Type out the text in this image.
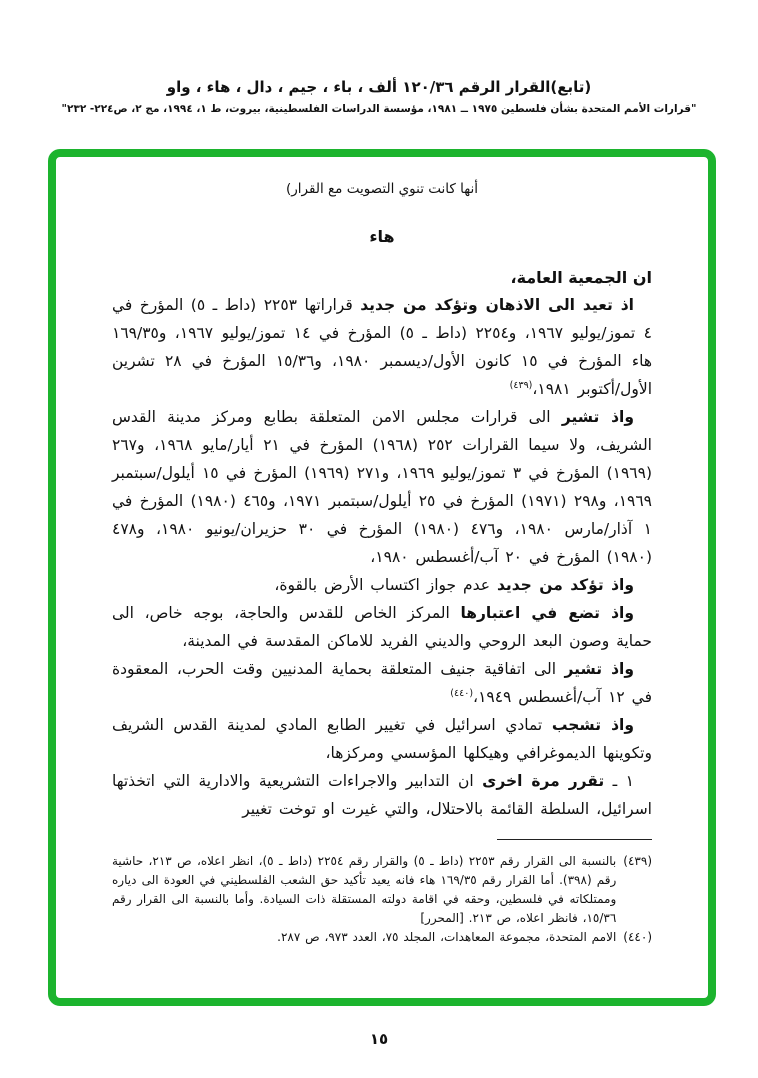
(تابع)القرار الرقم ١٢٠/٣٦ ألف ، باء ، جيم ، دال ، هاء ، واو
"قرارات الأمم المتحدة بشأن فلسطين ١٩٧٥ ــ ١٩٨١، مؤسسة الدراسات الفلسطينية، بيروت، ط ١، ١٩٩٤، مج ٢، ص٢٢٤- ٢٣٢"
أنها كانت تنوي التصويت مع القرار)
هاء
ان الجمعية العامة،

اذ تعيد الى الاذهان وتؤكد من جديد قراراتها ٢٢٥٣ (داط ـ ٥) المؤرخ في ٤ تموز/يوليو ١٩٦٧، و٢٢٥٤ (داط ـ ٥) المؤرخ في ١٤ تموز/يوليو ١٩٦٧، و١٦٩/٣٥ هاء المؤرخ في ١٥ كانون الأول/ديسمبر ١٩٨٠، و١٥/٣٦ المؤرخ في ٢٨ تشرين الأول/أكتوبر ١٩٨١،$^{(٤٣٩)}$

واذ تشير الى قرارات مجلس الامن المتعلقة بطابع ومركز مدينة القدس الشريف، ولا سيما القرارات ٢٥٢ (١٩٦٨) المؤرخ في ٢١ أيار/مايو ١٩٦٨، و٢٦٧ (١٩٦٩) المؤرخ في ٣ تموز/يوليو ١٩٦٩، و٢٧١ (١٩٦٩) المؤرخ في ١٥ أيلول/سبتمبر ١٩٦٩، و٢٩٨ (١٩٧١) المؤرخ في ٢٥ أيلول/سبتمبر ١٩٧١، و٤٦٥ (١٩٨٠) المؤرخ في ١ آذار/مارس ١٩٨٠، و٤٧٦ (١٩٨٠) المؤرخ في ٣٠ حزيران/يونيو ١٩٨٠، و٤٧٨ (١٩٨٠) المؤرخ في ٢٠ آب/أغسطس ١٩٨٠،

واذ تؤكد من جديد عدم جواز اكتساب الأرض بالقوة،

واذ تضع في اعتبارها المركز الخاص للقدس والحاجة، بوجه خاص، الى حماية وصون البعد الروحي والديني الفريد للاماكن المقدسة في المدينة،

واذ تشير الى اتفاقية جنيف المتعلقة بحماية المدنيين وقت الحرب، المعقودة في ١٢ آب/أغسطس ١٩٤٩،$^{(٤٤٠)}$

واذ تشجب تمادي اسرائيل في تغيير الطابع المادي لمدينة القدس الشريف وتكوينها الديموغرافي وهيكلها المؤسسي ومركزها،

١ ـ تقرر مرة اخرى ان التدابير والاجراءات التشريعية والادارية التي اتخذتها اسرائيل، السلطة القائمة بالاحتلال، والتي غيرت او توخت تغيير

(٤٣٩)
بالنسبة الى القرار رقم ٢٢٥٣ (داط ـ ٥) والقرار رقم ٢٢٥٤ (داط ـ ٥)، انظر اعلاه، ص ٢١٣، حاشية رقم (٣٩٨). أما القرار رقم ١٦٩/٣٥ هاء فانه يعيد تأكيد حق الشعب الفلسطيني في العودة الى دياره وممتلكاته في فلسطين، وحقه في اقامة دولته المستقلة ذات السيادة. وأما بالنسبة الى القرار رقم ١٥/٣٦، فانظر اعلاه، ص ٢١٣. [المحرر]
(٤٤٠)
الامم المتحدة، مجموعة المعاهدات، المجلد ٧٥، العدد ٩٧٣، ص ٢٨٧.
١٥
